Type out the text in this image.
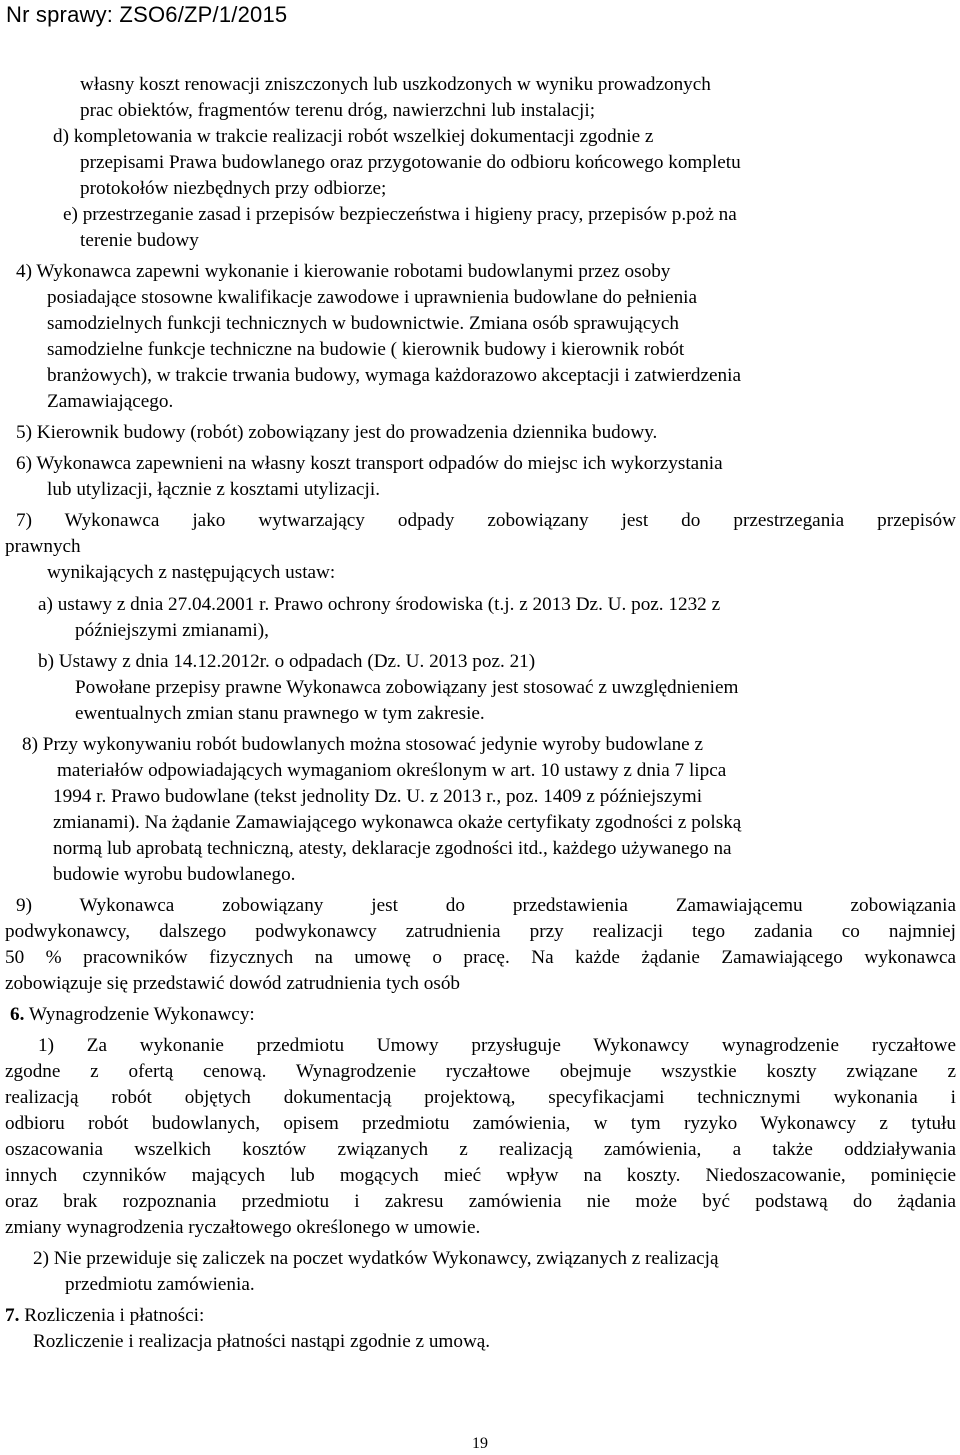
Nr sprawy: ZSO6/ZP/1/2015
własny koszt renowacji zniszczonych lub uszkodzonych w wyniku prowadzonych
prac obiektów, fragmentów terenu dróg, nawierzchni lub instalacji;
d) kompletowania w trakcie realizacji robót wszelkiej dokumentacji zgodnie z
przepisami Prawa budowlanego oraz przygotowanie do odbioru końcowego kompletu
protokołów niezbędnych przy odbiorze;
e) przestrzeganie zasad i przepisów bezpieczeństwa i higieny pracy, przepisów p.poż na
terenie budowy
4) Wykonawca zapewni wykonanie i kierowanie robotami budowlanymi przez osoby
posiadające stosowne kwalifikacje zawodowe i uprawnienia budowlane do pełnienia
samodzielnych funkcji technicznych w budownictwie. Zmiana osób sprawujących
samodzielne funkcje techniczne na budowie ( kierownik budowy i kierownik robót
branżowych), w trakcie trwania budowy, wymaga każdorazowo akceptacji i zatwierdzenia
Zamawiającego.
5) Kierownik budowy (robót) zobowiązany jest do prowadzenia dziennika budowy.
6) Wykonawca zapewnieni na własny koszt transport odpadów do miejsc ich wykorzystania
lub utylizacji, łącznie z kosztami utylizacji.
7) Wykonawca jako wytwarzający odpady zobowiązany jest do przestrzegania przepisów
prawnych
wynikających z następujących ustaw:
a) ustawy z dnia 27.04.2001 r. Prawo ochrony środowiska (t.j. z 2013 Dz. U. poz. 1232 z
późniejszymi zmianami),
b) Ustawy z dnia 14.12.2012r. o odpadach (Dz. U. 2013 poz. 21)
Powołane przepisy prawne Wykonawca zobowiązany jest stosować z uwzględnieniem
ewentualnych zmian stanu prawnego w tym zakresie.
8) Przy wykonywaniu robót budowlanych można stosować jedynie wyroby budowlane z
materiałów odpowiadających wymaganiom określonym w art. 10 ustawy z dnia 7 lipca
1994 r. Prawo budowlane (tekst jednolity Dz. U. z 2013 r., poz. 1409 z późniejszymi
zmianami). Na żądanie Zamawiającego wykonawca okaże certyfikaty zgodności z polską
normą lub aprobatą techniczną, atesty, deklaracje zgodności itd., każdego używanego na
budowie wyrobu budowlanego.
9) Wykonawca zobowiązany jest do przedstawienia Zamawiającemu zobowiązania
podwykonawcy, dalszego podwykonawcy zatrudnienia przy realizacji tego zadania co najmniej
50 % pracowników fizycznych na umowę o pracę. Na każde żądanie Zamawiającego wykonawca
zobowiązuje się przedstawić dowód zatrudnienia tych osób
6. Wynagrodzenie Wykonawcy:
1) Za wykonanie przedmiotu Umowy przysługuje Wykonawcy wynagrodzenie ryczałtowe
zgodne z ofertą cenową. Wynagrodzenie ryczałtowe obejmuje wszystkie koszty związane z
realizacją robót objętych dokumentacją projektową, specyfikacjami technicznymi wykonania i
odbioru robót budowlanych, opisem przedmiotu zamówienia, w tym ryzyko Wykonawcy z tytułu
oszacowania wszelkich kosztów związanych z realizacją zamówienia, a także oddziaływania
innych czynników mających lub mogących mieć wpływ na koszty. Niedoszacowanie, pominięcie
oraz brak rozpoznania przedmiotu i zakresu zamówienia nie może być podstawą do żądania
zmiany wynagrodzenia ryczałtowego określonego w umowie.
2) Nie przewiduje się zaliczek na poczet wydatków Wykonawcy, związanych z realizacją
przedmiotu zamówienia.
7. Rozliczenia i płatności:
Rozliczenie i realizacja płatności nastąpi zgodnie z umową.
19
